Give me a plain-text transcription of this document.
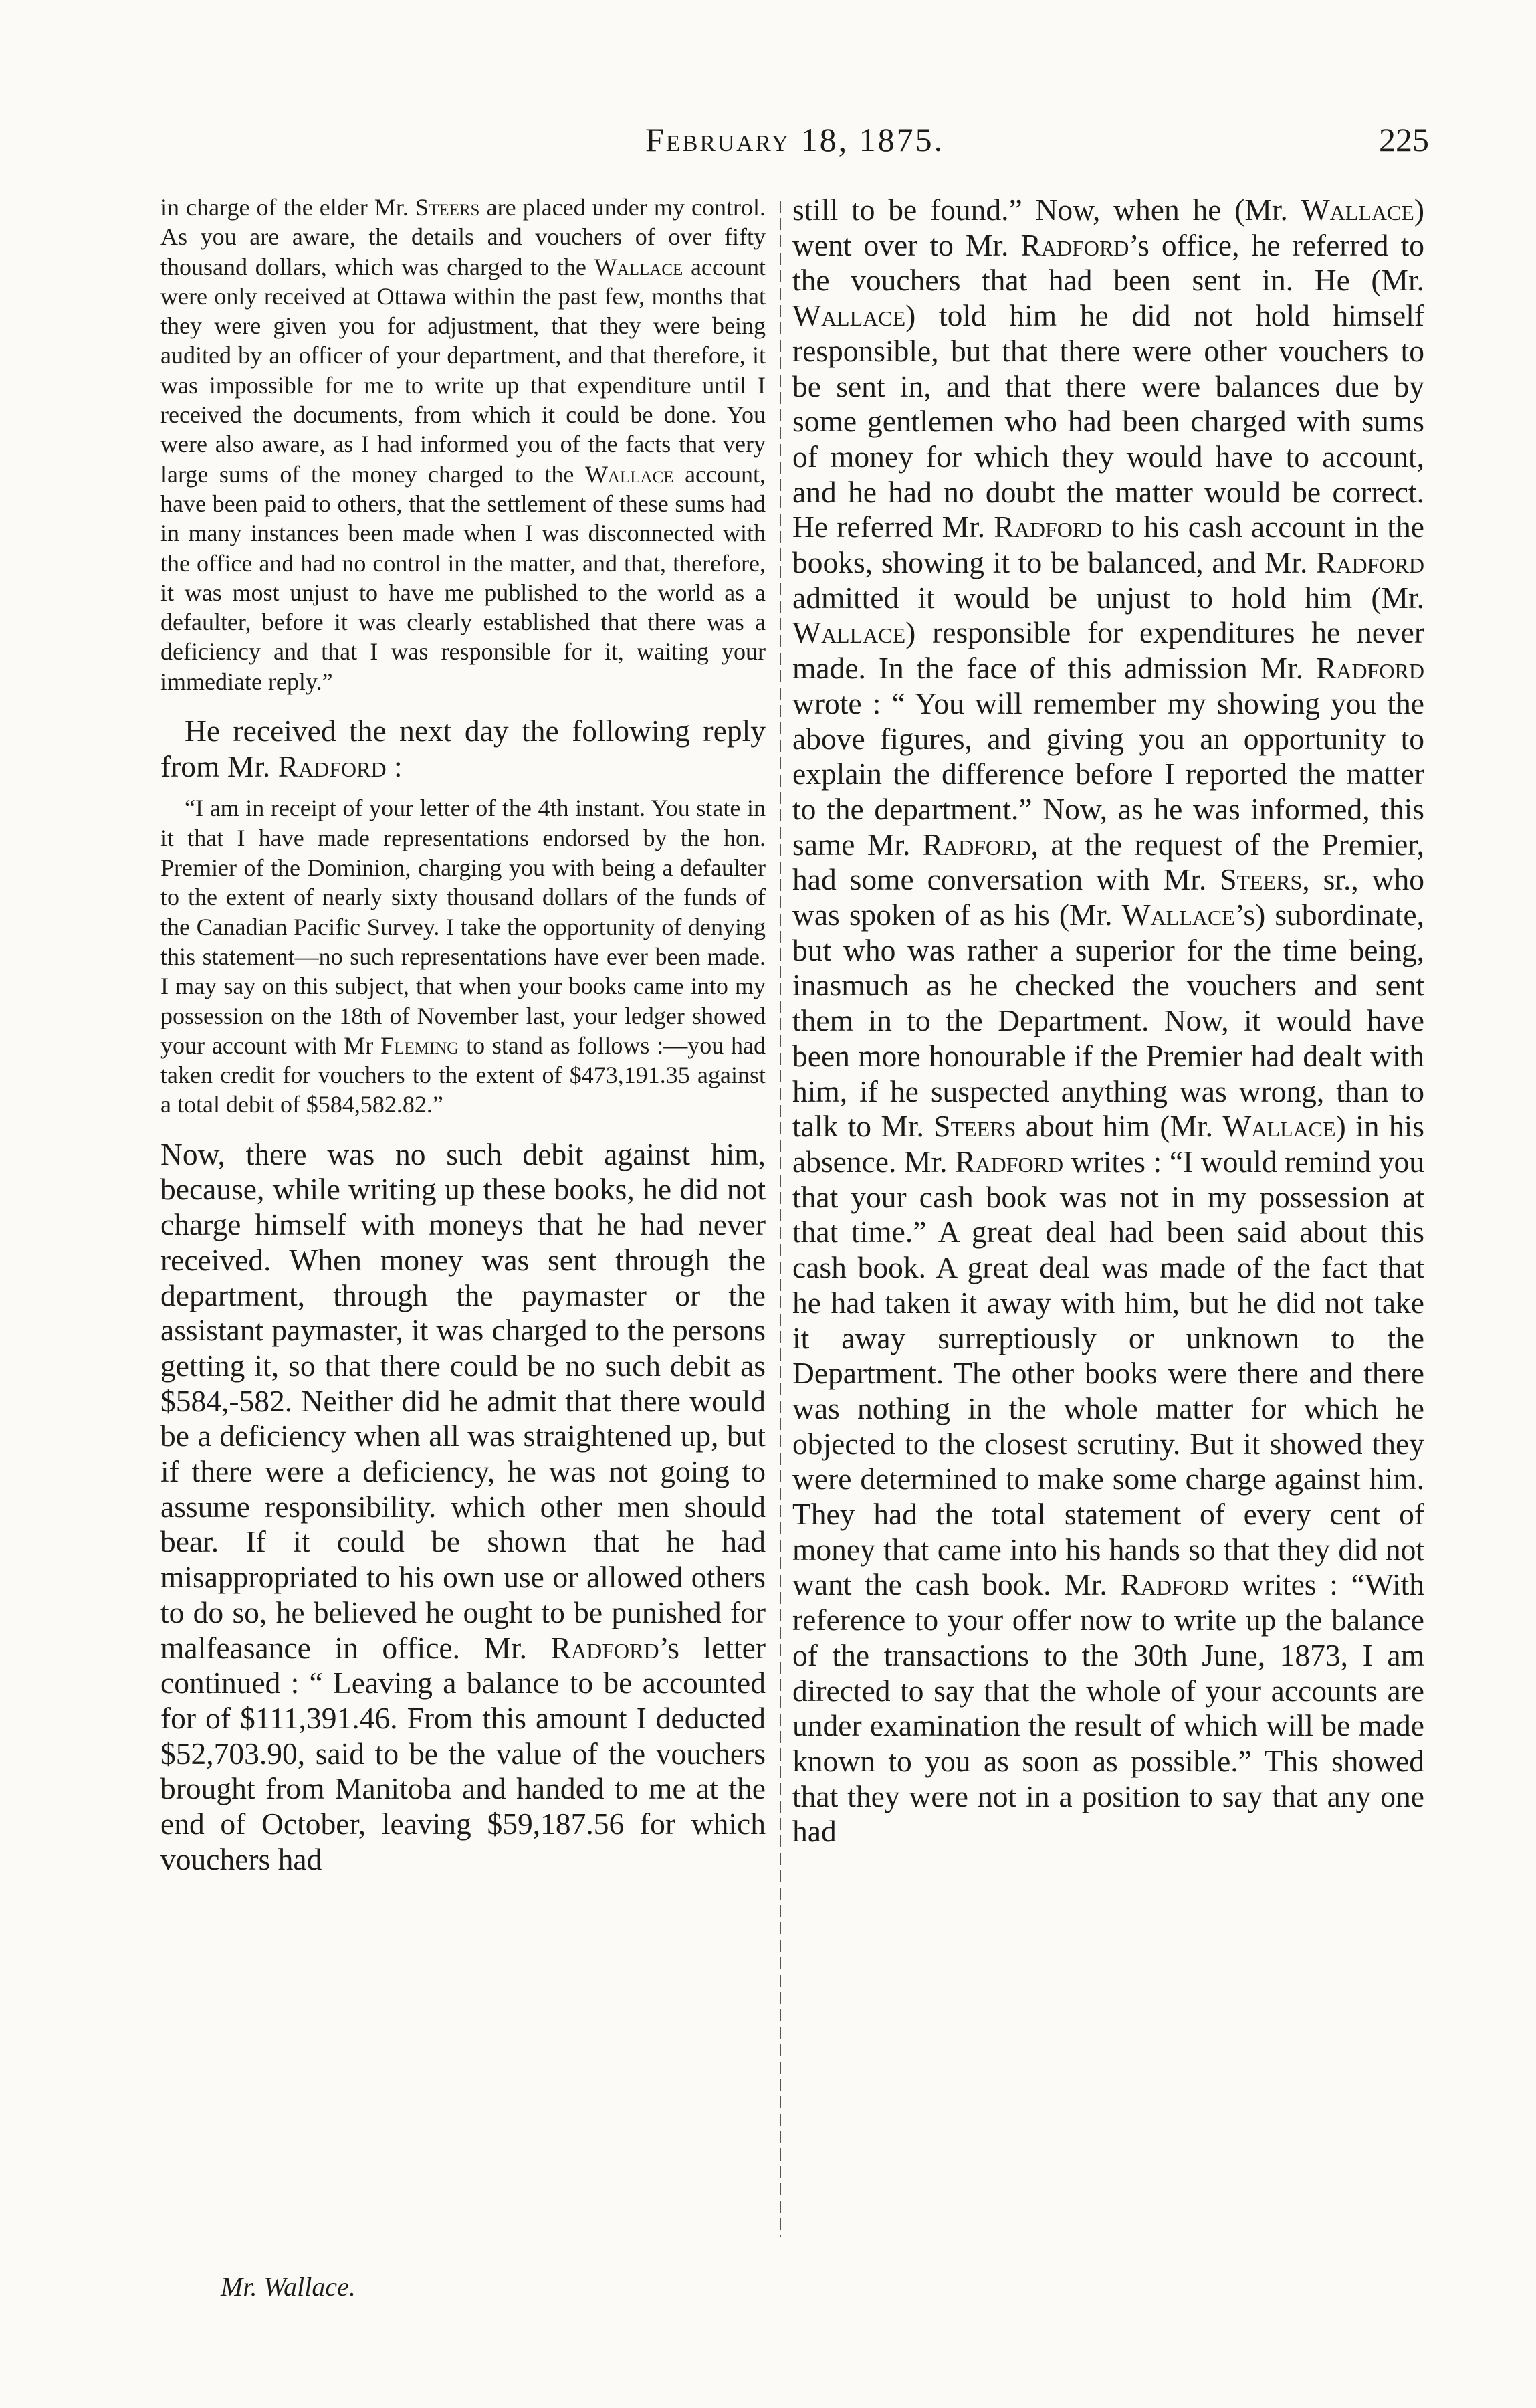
February 18, 1875.	225

in charge of the elder Mr. Steers are placed under my control. As you are aware, the details and vouchers of over fifty thousand dollars, which was charged to the Wallace account were only received at Ottawa within the past few, months that they were given you for adjustment, that they were being audited by an officer of your department, and that therefore, it was impossible for me to write up that expenditure until I received the documents, from which it could be done. You were also aware, as I had informed you of the facts that very large sums of the money charged to the Wallace account, have been paid to others, that the settlement of these sums had in many instances been made when I was disconnected with the office and had no control in the matter, and that, therefore, it was most unjust to have me published to the world as a defaulter, before it was clearly established that there was a deficiency and that I was responsible for it, waiting your immediate reply.”

He received the next day the following reply from Mr. Radford :

“I am in receipt of your letter of the 4th instant. You state in it that I have made representations endorsed by the hon. Premier of the Dominion, charging you with being a defaulter to the extent of nearly sixty thousand dollars of the funds of the Canadian Pacific Survey. I take the opportunity of denying this statement—no such representations have ever been made. I may say on this subject, that when your books came into my possession on the 18th of November last, your ledger showed your account with Mr Fleming to stand as follows :—you had taken credit for vouchers to the extent of $473,191.35 against a total debit of $584,582.82.”

Now, there was no such debit against him, because, while writing up these books, he did not charge himself with moneys that he had never received. When money was sent through the department, through the paymaster or the assistant paymaster, it was charged to the persons getting it, so that there could be no such debit as $584,-582. Neither did he admit that there would be a deficiency when all was straightened up, but if there were a deficiency, he was not going to assume responsibility. which other men should bear. If it could be shown that he had misappropriated to his own use or allowed others to do so, he believed he ought to be punished for malfeasance in office. Mr. Radford’s letter continued : “ Leaving a balance to be accounted for of $111,391.46. From this amount I deducted $52,703.90, said to be the value of the vouchers brought from Manitoba and handed to me at the end of October, leaving $59,187.56 for which vouchers had

still to be found.” Now, when he (Mr. Wallace) went over to Mr. Radford’s office, he referred to the vouchers that had been sent in. He (Mr. Wallace) told him he did not hold himself responsible, but that there were other vouchers to be sent in, and that there were balances due by some gentlemen who had been charged with sums of money for which they would have to account, and he had no doubt the matter would be correct. He referred Mr. Radford to his cash account in the books, showing it to be balanced, and Mr. Radford admitted it would be unjust to hold him (Mr. Wallace) responsible for expenditures he never made. In the face of this admission Mr. Radford wrote : “ You will remember my showing you the above figures, and giving you an opportunity to explain the difference before I reported the matter to the department.” Now, as he was informed, this same Mr. Radford, at the request of the Premier, had some conversation with Mr. Steers, sr., who was spoken of as his (Mr. Wallace’s) subordinate, but who was rather a superior for the time being, inasmuch as he checked the vouchers and sent them in to the Department. Now, it would have been more honourable if the Premier had dealt with him, if he suspected anything was wrong, than to talk to Mr. Steers about him (Mr. Wallace) in his absence. Mr. Radford writes : “I would remind you that your cash book was not in my possession at that time.” A great deal had been said about this cash book. A great deal was made of the fact that he had taken it away with him, but he did not take it away surreptiously or unknown to the Department. The other books were there and there was nothing in the whole matter for which he objected to the closest scrutiny. But it showed they were determined to make some charge against him. They had the total statement of every cent of money that came into his hands so that they did not want the cash book. Mr. Radford writes : “With reference to your offer now to write up the balance of the transactions to the 30th June, 1873, I am directed to say that the whole of your accounts are under examination the result of which will be made known to you as soon as possible.” This showed that they were not in a position to say that any one had

Mr. Wallace.
